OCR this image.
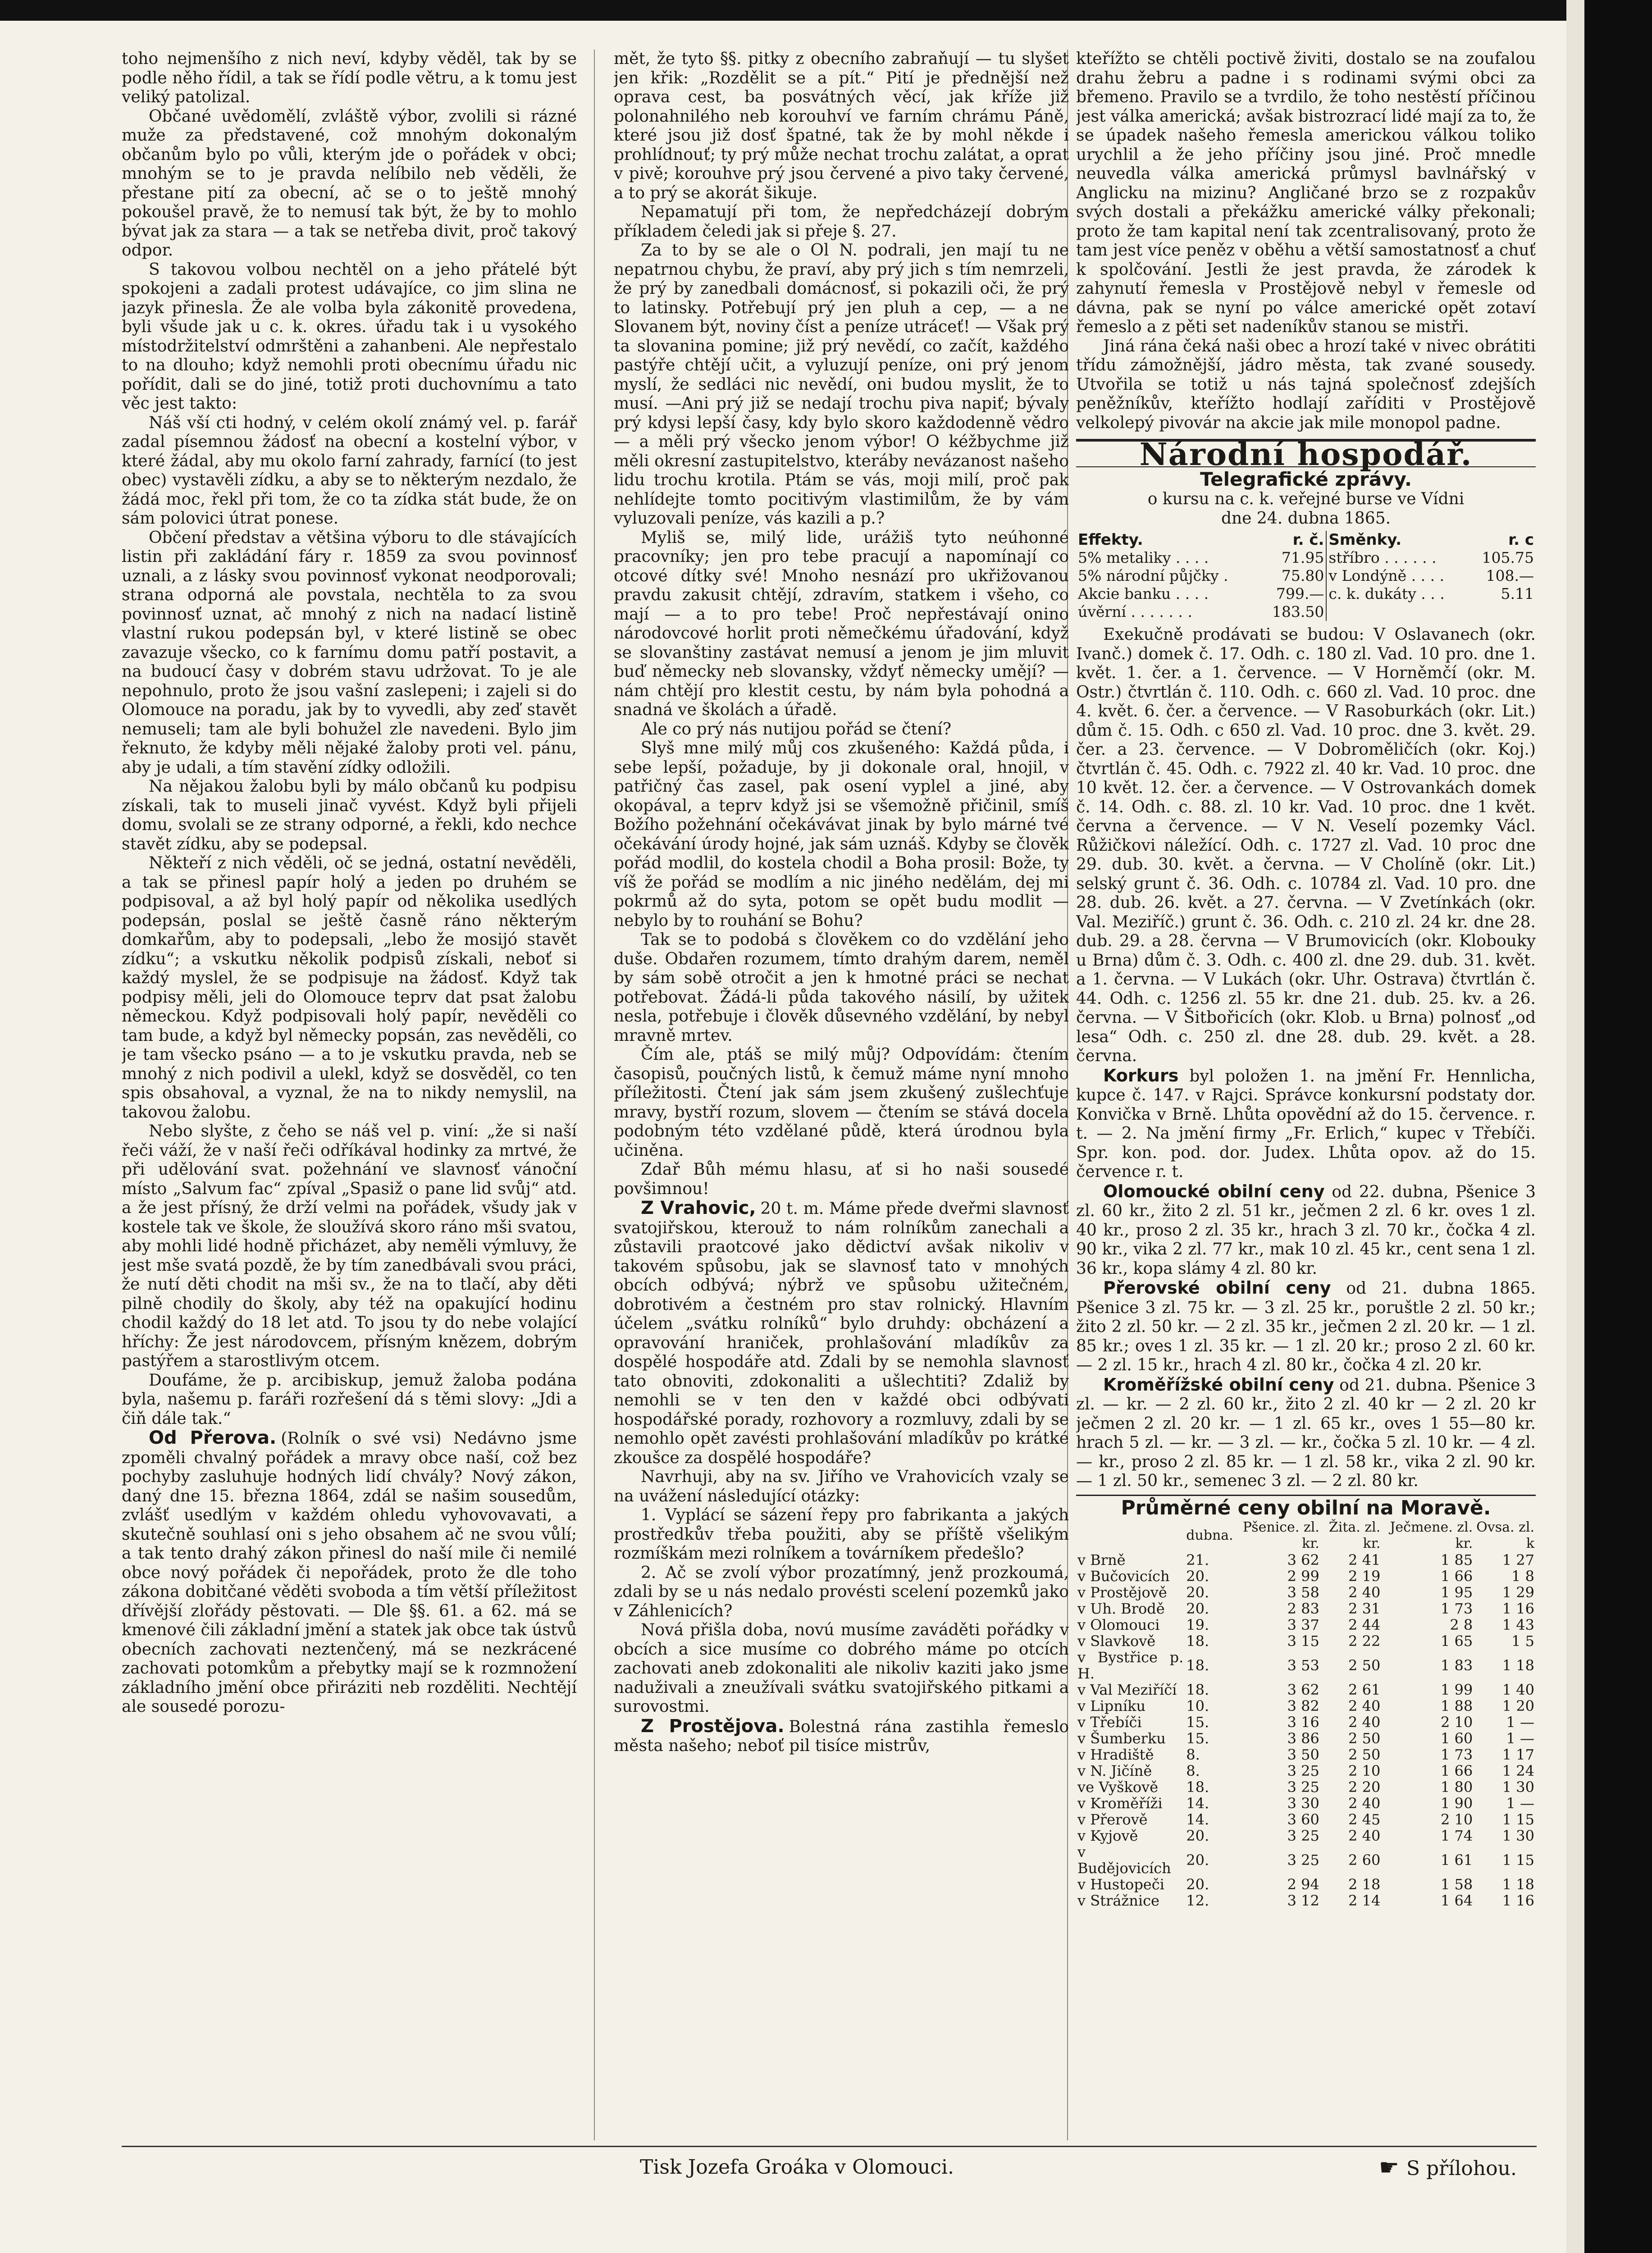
toho nejmenšího z nich neví, kdyby věděl, tak by se podle něho řídil, a tak se řídí podle větru, a k tomu jest veliký patolizal.

Občané uvědomělí, zvláště výbor, zvolili si rázné muže za představené, což mnohým dokonalým občanům bylo po vůli, kterým jde o pořádek v obci; mnohým se to je pravda nelíbilo neb věděli, že přestane pití za obecní, ač se o to ještě mnohý pokoušel pravě, že to nemusí tak být, že by to mohlo bývat jak za stara — a tak se netřeba divit, proč takový odpor.

S takovou volbou nechtěl on a jeho přátelé být spokojeni a zadali protest udávajíce, co jim slina ne jazyk přinesla. Že ale volba byla zákonitě provedena, byli všude jak u c. k. okres. úřadu tak i u vysokého místodržitelství odmrštěni a zahanbeni. Ale nepřestalo to na dlouho; když nemohli proti obecnímu úřadu nic pořídit, dali se do jiné, totiž proti duchovnímu a tato věc jest takto:

Náš vší cti hodný, v celém okolí známý vel. p. farář zadal písemnou žádosť na obecní a kostelní výbor, v které žádal, aby mu okolo farní zahrady, farnící (to jest obec) vystavěli zídku, a aby se to některým nezdalo, že žádá moc, řekl při tom, že co ta zídka stát bude, že on sám polovici útrat ponese.

Občení představ a většina výboru to dle stávajících listin při zakládání fáry r. 1859 za svou povinnosť uznali, a z lásky svou povinnosť vykonat neodporovali; strana odporná ale povstala, nechtěla to za svou povinnosť uznat, ač mnohý z nich na nadací listině vlastní rukou podepsán byl, v které listině se obec zavazuje všecko, co k farnímu domu patří postavit, a na budoucí časy v dobrém stavu udržovat. To je ale nepohnulo, proto že jsou vašní zaslepeni; i zajeli si do Olomouce na poradu, jak by to vyvedli, aby zeď stavět nemuseli; tam ale byli bohužel zle navedeni. Bylo jim řeknuto, že kdyby měli nějaké žaloby proti vel. pánu, aby je udali, a tím stavění zídky odložili.

Na nějakou žalobu byli by málo občanů ku podpisu získali, tak to museli jinač vyvést. Když byli přijeli domu, svolali se ze strany odporné, a řekli, kdo nechce stavět zídku, aby se podepsal.

Někteří z nich věděli, oč se jedná, ostatní nevěděli, a tak se přinesl papír holý a jeden po druhém se podpisoval, a až byl holý papír od několika usedlých podepsán, poslal se ještě časně ráno některým domkařům, aby to podepsali, „lebo že mosijó stavět zídku“; a vskutku několik podpisů získali, neboť si každý myslel, že se podpisuje na žádosť. Když tak podpisy měli, jeli do Olomouce teprv dat psat žalobu německou. Když podpisovali holý papír, nevěděli co tam bude, a když byl německy popsán, zas nevěděli, co je tam všecko psáno — a to je vskutku pravda, neb se mnohý z nich podivil a ulekl, když se dosvěděl, co ten spis obsahoval, a vyznal, že na to nikdy nemyslil, na takovou žalobu.

Nebo slyšte, z čeho se náš vel p. viní: „že si naší řeči váží, že v naší řeči odříkával hodinky za mrtvé, že při udělování svat. požehnání ve slavnosť vánoční místo „Salvum fac“ zpíval „Spasiž o pane lid svůj“ atd. a že jest přísný, že drží velmi na pořádek, všudy jak v kostele tak ve škole, že sloužívá skoro ráno mši svatou, aby mohli lidé hodně přicházet, aby neměli výmluvy, že jest mše svatá pozdě, že by tím zanedbávali svou práci, že nutí děti chodit na mši sv., že na to tlačí, aby děti pilně chodily do školy, aby též na opakující hodinu chodil každý do 18 let atd. To jsou ty do nebe volající hříchy: Že jest národovcem, přísným knězem, dobrým pastýřem a starostlivým otcem.

Doufáme, že p. arcibiskup, jemuž žaloba podána byla, našemu p. faráři rozřešení dá s těmi slovy: „Jdi a čiň dále tak.“

Od Přerova. (Rolník o své vsi) Nedávno jsme zpoměli chvalný pořádek a mravy obce naší, což bez pochyby zasluhuje hodných lidí chvály? Nový zákon, daný dne 15. března 1864, zdál se našim sousedům, zvlášť usedlým v každém ohledu vyhovovavati, a skutečně souhlasí oni s jeho obsahem ač ne svou vůlí; a tak tento drahý zákon přinesl do naší mile či nemilé obce nový pořádek či nepořádek, proto že dle toho zákona dobitčané věděti svoboda a tím větší příležitost dřívější zlořády pěstovati. — Dle §§. 61. a 62. má se kmenové čili základní jmění a statek jak obce tak ústvů obecních zachovati neztenčený, má se nezkrácené zachovati potomkům a přebytky mají se k rozmnožení základního jmění obce přiráziti neb rozděliti. Nechtějí ale sousedé porozu-

mět, že tyto §§. pitky z obecního zabraňují — tu slyšet jen křik: „Rozdělit se a pít.“ Pití je přednější než oprava cest, ba posvátných věcí, jak kříže již polonahnilého neb korouhví ve farním chrámu Páně, které jsou již dosť špatné, tak že by mohl někde i prohlídnouť; ty prý může nechat trochu zalátat, a oprat v pivě; korouhve prý jsou červené a pivo taky červené, a to prý se akorát šikuje.

Nepamatují při tom, že nepředcházejí dobrým příkladem čeledi jak si přeje §. 27.

Za to by se ale o Ol N. podrali, jen mají tu ne nepatrnou chybu, že praví, aby prý jich s tím nemrzeli, že prý by zanedbali domácnosť, si pokazili oči, že prý to latinsky. Potřebují prý jen pluh a cep, — a ne Slovanem být, noviny číst a peníze utráceť! — Však prý ta slovanina pomine; již prý nevědí, co začít, každého pastýře chtějí učit, a vyluzují peníze, oni prý jenom myslí, že sedláci nic nevědí, oni budou myslit, že to musí. —Ani prý již se nedají trochu piva napiť; bývaly prý kdysi lepší časy, kdy bylo skoro každodenně vědro — a měli prý všecko jenom výbor! O kéžbychme již měli okresní zastupitelstvo, kteráby neváza​nost našeho lidu trochu krotila. Ptám se vás, moji milí, proč pak nehlídejte tomto pocitivým vlastimilům, že by vám vyluzovali peníze, vás kazili a p.?

Myliš se, milý lide, urážiš tyto neúhonné pracovníky; jen pro tebe pracují a napomínají co otcové dítky své! Mnoho nesnází pro ukřižovanou pravdu zakusit chtějí, zdravím, statkem i všeho, co mají — a to pro tebe! Proč nepřestávají onino národovcové horlit proti němečkému úřadování, když se slovanštiny zastávat nemusí a jenom je jim mluvit buď německy neb slovansky, vždyť německy umějí? — nám chtějí pro klestit cestu, by nám byla pohodná a snadná ve školách a úřadě.

Ale co prý nás nutijou pořád se čtení?

Slyš mne milý můj cos zkušeného: Každá půda, i sebe lepší, požaduje, by ji dokonale oral, hnojil, v patřičný čas zasel, pak osení vyplel a jiné, aby okopával, a teprv když jsi se všemožně přičinil, smíš Božího požehnání očekávávat jinak by bylo márné tvé očekávání úrody hojné, jak sám uznáš. Kdyby se člověk pořád modlil, do kostela chodil a Boha prosil: Bože, ty víš že pořád se modlím a nic jiného nedělám, dej mi pokrmů až do syta, potom se opět budu modlit — nebylo by to rouhání se Bohu?

Tak se to podobá s člověkem co do vzdělání jeho duše. Obdařen rozumem, tímto drahým darem, neměl by sám sobě otročit a jen k hmotné práci se nechat potřebovat. Žádá-li půda takového násilí, by užitek nesla, potřebuje i člověk důsevného vzdělání, by nebyl mravně mrtev.

Čím ale, ptáš se milý můj? Odpovídám: čtením časopisů, poučných listů, k čemuž máme nyní mnoho příležitosti. Čtení jak sám jsem zkušený zušlechťuje mravy, bystří rozum, slovem — čtením se stává docela podobným této vzdělané půdě, která úrodnou byla učiněna.

Zdař Bůh mému hlasu, ať si ho naši sousedé povšimnou!

Z Vrahovic, 20 t. m. Máme přede dveřmi slavnosť svatojiřskou, kterouž to nám rolníkům zanechali a zůstavili praotcové jako dědictví avšak nikoliv v takovém spůsobu, jak se slavnosť tato v mnohých obcích odbývá; nýbrž ve spůsobu užitečném, dobrotivém a čestném pro stav rolnický. Hlavním účelem „svátku rolníků“ bylo druhdy: obcházení a opravování hraniček, prohlašování mladíkův za dospělé hospodáře atd. Zdali by se nemohla slavnosť tato obnoviti, zdokonaliti a ušlechtiti? Zdaliž by nemohli se v ten den v každé obci odbývati hospodářské porady, rozhovory a rozmluvy, zdali by se nemohlo opět zavésti prohlašování mladíkův po krátké zkoušce za dospělé hospodáře?

Navrhuji, aby na sv. Jiřího ve Vrahovicích vzaly se na uvážení následující otázky:

1. Vyplácí se sázení řepy pro fabrikanta a jakých prostředkův třeba použiti, aby se příště všelikým rozmíškám mezi rolníkem a továrníkem předešlo?

2. Ač se zvolí výbor prozatímný, jenž prozkoumá, zdali by se u nás nedalo provésti scelení pozemků jako v Záhlenicích?

Nová přišla doba, novú musíme zaváděti pořádky v obcích a sice musíme co dobrého máme po otcích zachovati aneb zdokonaliti ale nikoliv kaziti jako jsme naduživali a zneužívali svátku svatojiřského pitkami a surovostmi.

Z Prostějova. Bolestná rána zastihla řemeslo města našeho; neboť pil tisíce mistrův,

kteřížto se chtěli poctivě živiti, dostalo se na zoufalou drahu žebru a padne i s rodinami svými obci za břemeno. Pravilo se a tvrdilo, že toho nestěstí příčinou jest válka americká; avšak bistrozrací lidé mají za to, že se úpadek našeho řemesla americkou válkou toliko urychlil a že jeho příčiny jsou jiné. Proč mnedle neuvedla válka americká průmysl bavlnářský v Anglicku na mizinu? Angličané brzo se z rozpakův svých dostali a překážku americké války překonali; proto že tam kapital není tak zcentralisovaný, proto že tam jest více peněz v oběhu a větší samostatnosť a chuť k spolčování. Jestli že jest pravda, že zárodek k zahynutí řemesla v Prostějově nebyl v řemesle od dávna, pak se nyní po válce americké opět zotaví řemeslo a z pěti set nadeníkův stanou se mistři.

Jiná rána čeká naši obec a hrozí také v nivec obrátiti třídu zámožnější, jádro města, tak zvané sousedy. Utvořila se totiž u nás tajná společnosť zdejších peněžníkův, kteřížto hodlají zaříditi v Prostějově velkolepý pivovár na akcie jak mile monopol padne.

Národní hospodář.
Telegrafické zprávy.

o kursu na c. k. veřejné burse ve Vídni

dne 24. dubna 1865.

Effekty.	r. č.	Směnky.	r. c
5% metaliky . . . .	71.95	stříbro . . . . . .	105.75
5% národní půjčky .	75.80	v Londýně . . . .	108.—
Akcie banku . . . .	799.—	c. k. dukáty . . .	5.11
úvěrní . . . . . . .	183.50		

Exekučně prodávati se budou: V Oslavanech (okr. Ivanč.) domek č. 17. Odh. c. 180 zl. Vad. 10 pro. dne 1. květ. 1. čer. a 1. července. — V Horněmčí (okr. M. Ostr.) čtvrtlán č. 110. Odh. c. 660 zl. Vad. 10 proc. dne 4. květ. 6. čer. a července. — V Rasoburkách (okr. Lit.) dům č. 15. Odh. c 650 zl. Vad. 10 proc. dne 3. květ. 29. čer. a 23. července. — V Dobroměličích (okr. Koj.) čtvrtlán č. 45. Odh. c. 7922 zl. 40 kr. Vad. 10 proc. dne 10 květ. 12. čer. a července. — V Ostrovankách domek č. 14. Odh. c. 88. zl. 10 kr. Vad. 10 proc. dne 1 květ. června a července. — V N. Veselí pozemky Václ. Růžičkovi náležící. Odh. c. 1727 zl. Vad. 10 proc dne 29. dub. 30. květ. a června. — V Cholíně (okr. Lit.) selský grunt č. 36. Odh. c. 10784 zl. Vad. 10 pro. dne 28. dub. 26. květ. a 27. června. — V Zvetínkách (okr. Val. Meziříč.) grunt č. 36. Odh. c. 210 zl. 24 kr. dne 28. dub. 29. a 28. června — V Brumovicích (okr. Klobouky u Brna) dům č. 3. Odh. c. 400 zl. dne 29. dub. 31. květ. a 1. června. — V Lukách (okr. Uhr. Ostrava) čtvrtlán č. 44. Odh. c. 1256 zl. 55 kr. dne 21. dub. 25. kv. a 26. června. — V Šitbořicích (okr. Klob. u Brna) polnosť „od lesa“ Odh. c. 250 zl. dne 28. dub. 29. květ. a 28. června.

Korkurs byl položen 1. na jmění Fr. Hennlicha, kupce č. 147. v Rajci. Správce konkursní podstaty dor. Konvička v Brně. Lhůta opovědní až do 15. července. r. t. — 2. Na jmění firmy „Fr. Erlich,“ kupec v Třebíči. Spr. kon. pod. dor. Judex. Lhůta opov. až do 15. července r. t.

Olomoucké obilní ceny od 22. dubna, Pšenice 3 zl. 60 kr., žito 2 zl. 51 kr., ječmen 2 zl. 6 kr. oves 1 zl. 40 kr., proso 2 zl. 35 kr., hrach 3 zl. 70 kr., čočka 4 zl. 90 kr., vika 2 zl. 77 kr., mak 10 zl. 45 kr., cent sena 1 zl. 36 kr., kopa slámy 4 zl. 80 kr.

Přerovské obilní ceny od 21. dubna 1865. Pšenice 3 zl. 75 kr. — 3 zl. 25 kr., poruštle 2 zl. 50 kr.; žito 2 zl. 50 kr. — 2 zl. 35 kr., ječmen 2 zl. 20 kr. — 1 zl. 85 kr.; oves 1 zl. 35 kr. — 1 zl. 20 kr.; proso 2 zl. 60 kr. — 2 zl. 15 kr., hrach 4 zl. 80 kr., čočka 4 zl. 20 kr.

Kroměřížské obilní ceny od 21. dubna. Pšenice 3 zl. — kr. — 2 zl. 60 kr., žito 2 zl. 40 kr — 2 zl. 20 kr ječmen 2 zl. 20 kr. — 1 zl. 65 kr., oves 1 55—80 kr. hrach 5 zl. — kr. — 3 zl. — kr., čočka 5 zl. 10 kr. — 4 zl. — kr., proso 2 zl. 85 kr. — 1 zl. 58 kr., vika 2 zl. 90 kr. — 1 zl. 50 kr., semenec 3 zl. — 2 zl. 80 kr.

Průměrné ceny obilní na Moravě.
	dubna.	Pšenice. zl. kr.	Žita. zl. kr.	Ječmene. zl. kr.	Ovsa. zl. k
v Brně	21.	3 62	2 41	1 85	1 27
v Bučovicích	20.	2 99	2 19	1 66	1 8
v Prostějově	20.	3 58	2 40	1 95	1 29
v Uh. Brodě	20.	2 83	2 31	1 73	1 16
v Olomouci	19.	3 37	2 44	2 8	1 43
v Slavkově	18.	3 15	2 22	1 65	1 5
v Bystřice p. H.	18.	3 53	2 50	1 83	1 18
v Val Meziříčí	18.	3 62	2 61	1 99	1 40
v Lipníku	10.	3 82	2 40	1 88	1 20
v Třebíči	15.	3 16	2 40	2 10	1 —
v Šumberku	15.	3 86	2 50	1 60	1 —
v Hradiště	8.	3 50	2 50	1 73	1 17
v N. Jičíně	8.	3 25	2 10	1 66	1 24
ve Vyškově	18.	3 25	2 20	1 80	1 30
v Kroměříži	14.	3 30	2 40	1 90	1 —
v Přerově	14.	3 60	2 45	2 10	1 15
v Kyjově	20.	3 25	2 40	1 74	1 30
v Budějovicích	20.	3 25	2 60	1 61	1 15
v Hustopeči	20.	2 94	2 18	1 58	1 18
v Strážnice	12.	3 12	2 14	1 64	1 16
Tisk Jozefa Groáka v Olomouci.	☛ S přílohou.
